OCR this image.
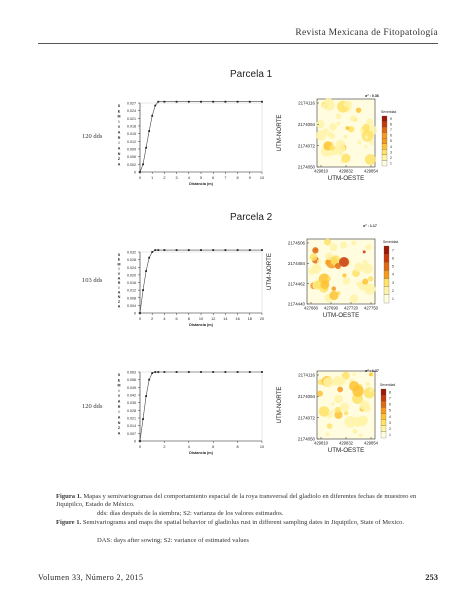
Revista Mexicana de Fitopatología
Parcela 1
Parcela 2
120 dds
103 dds
120 dds
0
0.002
0.006
0.009
0.012
0.015
0.018
0.021
0.024
0.027
0	1	2	3	4	5	6	7	8	9 10
Distancia (m)
S
E
M
I
V
A
R
I
A
N
Z
A
σ² : 0.36
2174116
2174094
2174072
2174050
429810	429832	429854
UTM-OESTE
UTM-NORTE
Severidad
9
8
7
6
5
4
3
2
1
0
0.004
0.008
0.012
0.016
0.020
0.024
0.028
0.032
0	2	4	6	8 10 12 14 16 18 20
Distancia (m)
S
E
M
I
V
A
R
I
A
N
Z
A
σ² : 1.17
2174506
2174484
2174462
2174440
427660 427690 427720 427750
UTM-OESTE
UTM-NORTE
Severidad
7
6
5
4
3
2
1
0
0.007
0.014
0.021
0.028
0.035
0.042
0.049
0.056
0.063
0	2	4	6	8	10
Distancia (m)
S
E
M
I
V
A
R
I
A
N
Z
A
σ² : 1.37
2174116
2174094
2174072
2174050
429810	429832	429854
UTM-OESTE
UTM-NORTE
Severidad
8
7
6
5
4
3
2
1
Figura 1. Mapas y semivariogramas del comportamiento espacial de la roya transversal del gladiolo en diferentes fechas de muestreo en Jiquipilco, Estado de México.
dds: días después de la siembra; S2: varianza de los valores estimados.
Figure 1. Semivariograms and maps the spatial behavior of gladiolus rust in different sampling dates in Jiquipilco, State of Mexico.
DAS: days after sowing; S2: variance of estimated values
Volumen 33, Número 2, 2015	253
